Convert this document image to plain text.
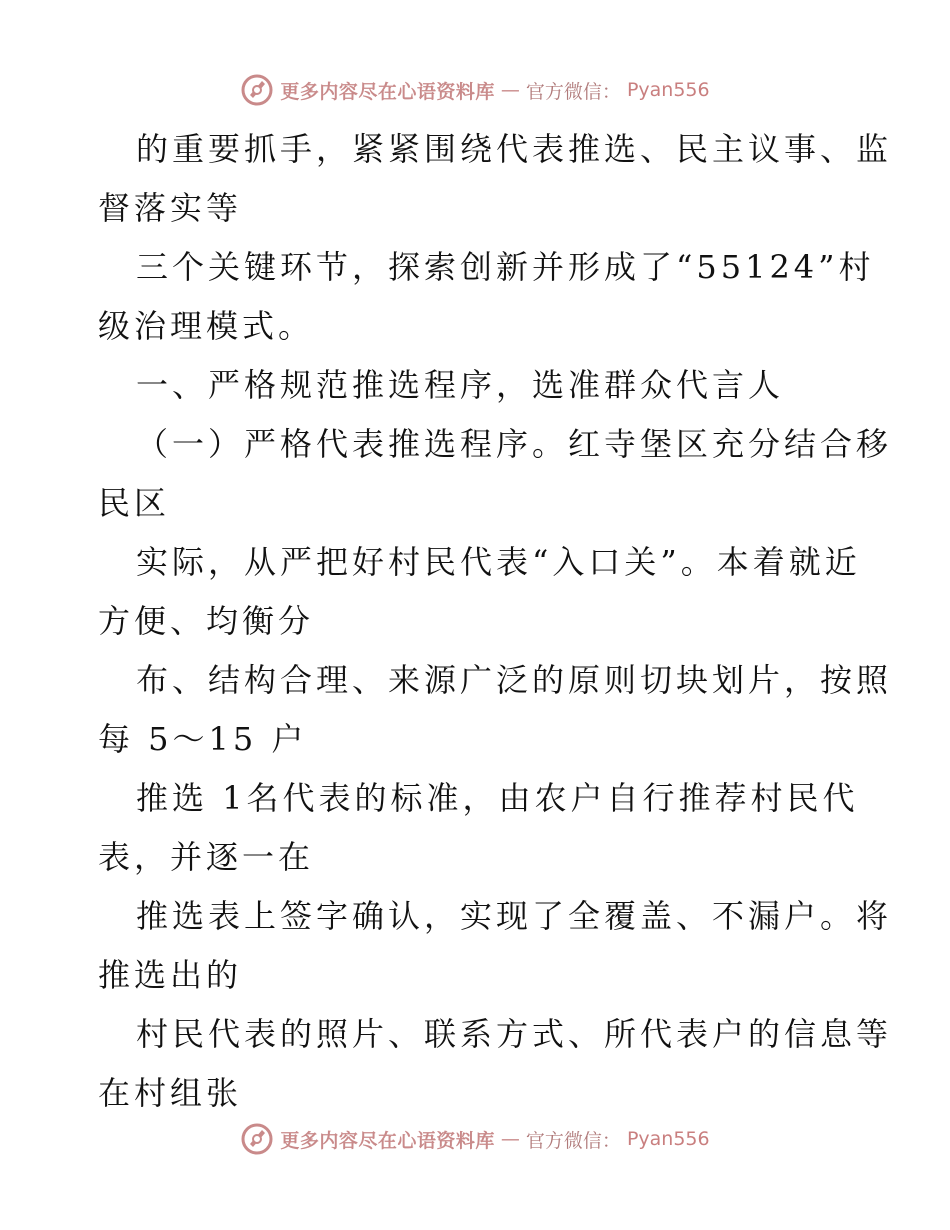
更多内容尽在心语资料库 — 官方微信： Pyan556
的重要抓手，紧紧围绕代表推选、民主议事、监
督落实等
三个关键环节，探索创新并形成了“55124”村
级治理模式。
一、严格规范推选程序，选准群众代言人
（一）严格代表推选程序。红寺堡区充分结合移
民区
实际，从严把好村民代表“入口关”。本着就近
方便、均衡分
布、结构合理、来源广泛的原则切块划片，按照
每 5～15 户
推选 1名代表的标准，由农户自行推荐村民代
表，并逐一在
推选表上签字确认，实现了全覆盖、不漏户。将
推选出的
村民代表的照片、联系方式、所代表户的信息等
在村组张
更多内容尽在心语资料库 — 官方微信： Pyan556
